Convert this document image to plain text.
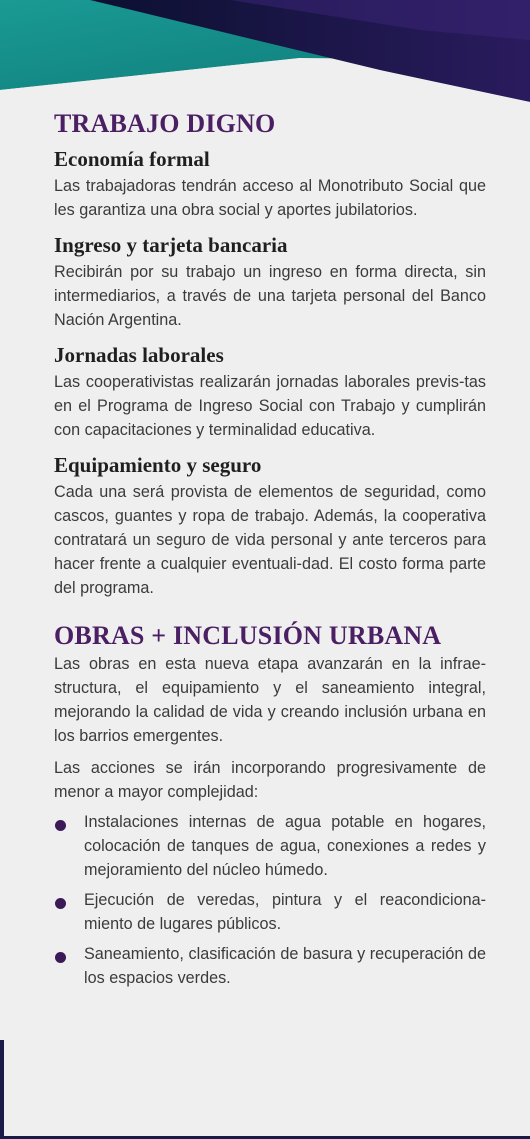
TRABAJO DIGNO
Economía formal

Las trabajadoras tendrán acceso al Monotributo Social que les garantiza una obra social y aportes jubilatorios.

Ingreso y tarjeta bancaria

Recibirán por su trabajo un ingreso en forma directa, sin intermediarios, a través de una tarjeta personal del Banco Nación Argentina.

Jornadas laborales

Las cooperativistas realizarán jornadas laborales previs-tas en el Programa de Ingreso Social con Trabajo y cumplirán con capacitaciones y terminalidad educativa.

Equipamiento y seguro

Cada una será provista de elementos de seguridad, como cascos, guantes y ropa de trabajo. Además, la cooperativa contratará un seguro de vida personal y ante terceros para hacer frente a cualquier eventuali-dad. El costo forma parte del programa.

OBRAS + INCLUSIÓN URBANA

Las obras en esta nueva etapa avanzarán en la infrae-structura, el equipamiento y el saneamiento integral, mejorando la calidad de vida y creando inclusión urbana en los barrios emergentes.

Las acciones se irán incorporando progresivamente de menor a mayor complejidad:

Instalaciones internas de agua potable en hogares, colocación de tanques de agua, conexiones a redes y mejoramiento del núcleo húmedo.

Ejecución de veredas, pintura y el reacondiciona-miento de lugares públicos.

Saneamiento, clasificación de basura y recuperación de los espacios verdes.
